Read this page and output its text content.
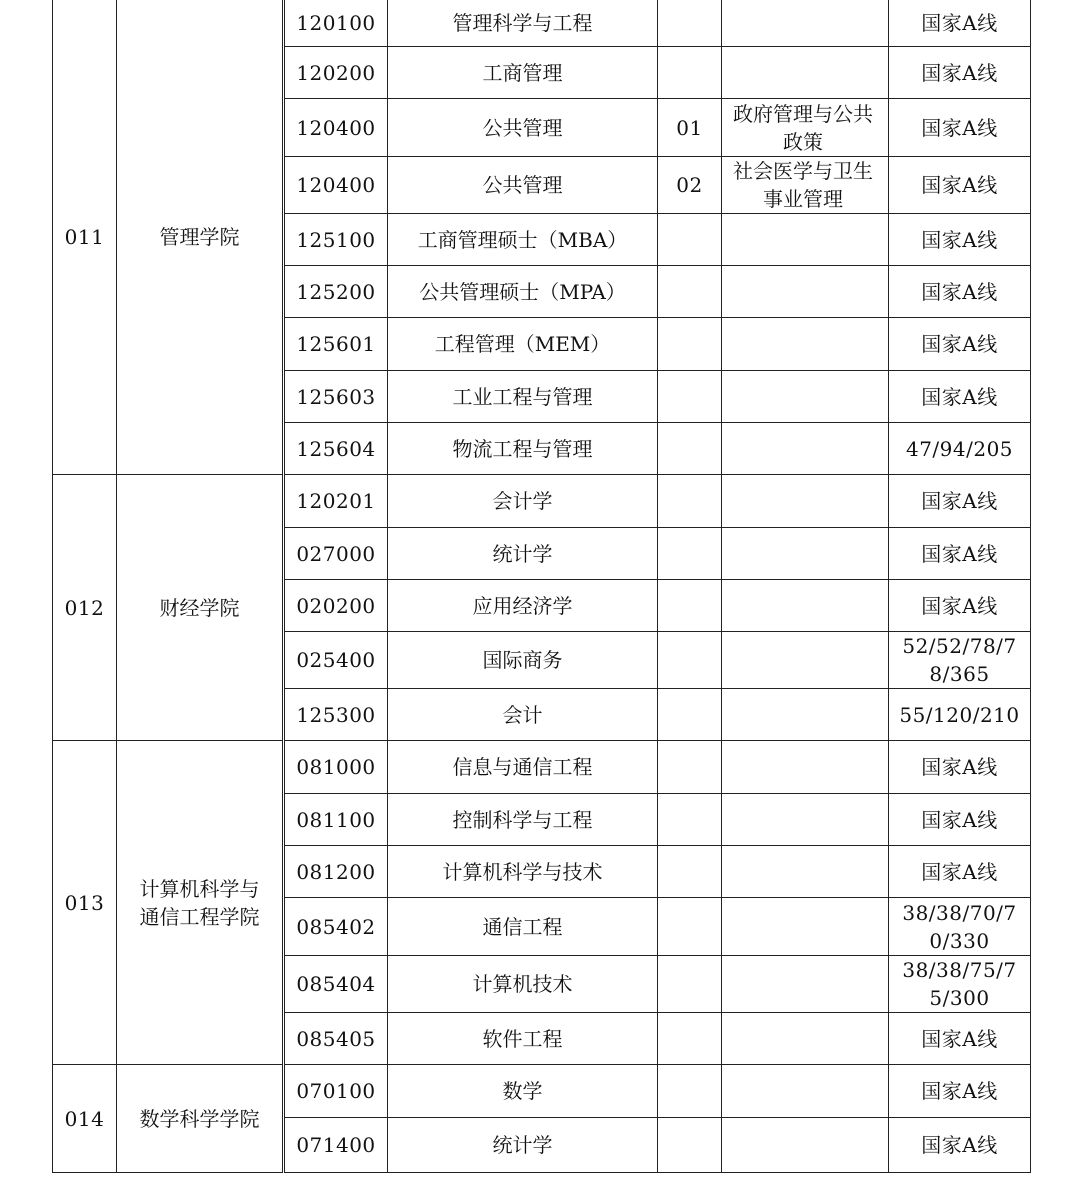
011	管理学院		120100	管理科学与工程			国家A线
			120200	工商管理			国家A线
			120400	公共管理	01	政府管理与公共政策	国家A线
			120400	公共管理	02	社会医学与卫生事业管理	国家A线
			125100	工商管理硕士（MBA）			国家A线
			125200	公共管理硕士（MPA）			国家A线
			125601	工程管理（MEM）			国家A线
			125603	工业工程与管理			国家A线
			125604	物流工程与管理			47/94/205
012	财经学院		120201	会计学			国家A线
			027000	统计学			国家A线
			020200	应用经济学			国家A线
			025400	国际商务			52/52/78/78/365
			125300	会计			55/120/210
013	计算机科学与通信工程学院		081000	信息与通信工程			国家A线
			081100	控制科学与工程			国家A线
			081200	计算机科学与技术			国家A线
			085402	通信工程			38/38/70/70/330
			085404	计算机技术			38/38/75/75/300
			085405	软件工程			国家A线
014	数学科学学院		070100	数学			国家A线
			071400	统计学			国家A线
